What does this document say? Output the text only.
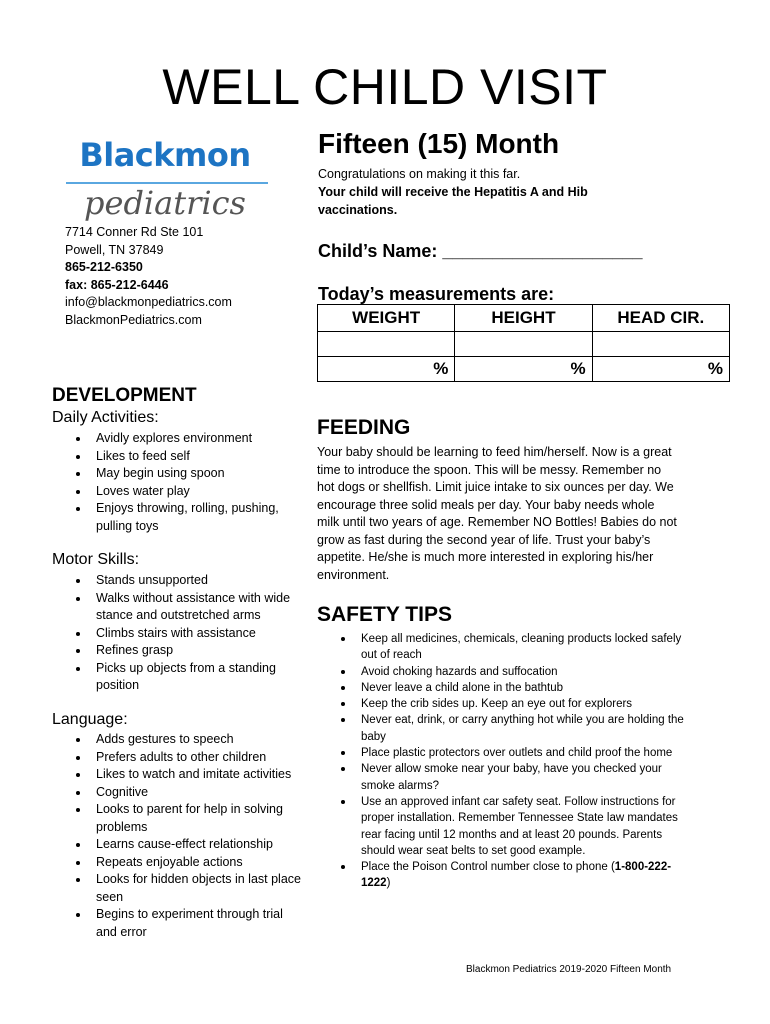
WELL CHILD VISIT
Blackmon
pediatrics
7714 Conner Rd Ste 101
Powell, TN 37849
865-212-6350
fax: 865-212-6446
info@blackmonpediatrics.com
BlackmonPediatrics.com
Fifteen (15) Month
Congratulations on making it this far.
Your child will receive the Hepatitis A and Hib vaccinations.
Child’s Name: ____________________
Today’s measurements are:
WEIGHT	HEIGHT	HEAD CIR.

%	%	%
DEVELOPMENT
Daily Activities:
Avidly explores environment
Likes to feed self
May begin using spoon
Loves water play
Enjoys throwing, rolling, pushing, pulling toys
Motor Skills:
Stands unsupported
Walks without assistance with wide stance and outstretched arms
Climbs stairs with assistance
Refines grasp
Picks up objects from a standing position
Language:
Adds gestures to speech
Prefers adults to other children
Likes to watch and imitate activities
Cognitive
Looks to parent for help in solving problems
Learns cause-effect relationship
Repeats enjoyable actions
Looks for hidden objects in last place seen
Begins to experiment through trial and error
FEEDING
Your baby should be learning to feed him/herself. Now is a great time to introduce the spoon. This will be messy. Remember no hot dogs or shellfish. Limit juice intake to six ounces per day. We encourage three solid meals per day. Your baby needs whole milk until two years of age. Remember NO Bottles! Babies do not grow as fast during the second year of life. Trust your baby’s appetite. He/she is much more interested in exploring his/her environment.
SAFETY TIPS
Keep all medicines, chemicals, cleaning products locked safely out of reach
Avoid choking hazards and suffocation
Never leave a child alone in the bathtub
Keep the crib sides up. Keep an eye out for explorers
Never eat, drink, or carry anything hot while you are holding the baby
Place plastic protectors over outlets and child proof the home
Never allow smoke near your baby, have you checked your smoke alarms?
Use an approved infant car safety seat. Follow instructions for proper installation. Remember Tennessee State law mandates rear facing until 12 months and at least 20 pounds. Parents should wear seat belts to set good example.
Place the Poison Control number close to phone (1-800-222-1222)
Blackmon Pediatrics 2019-2020 Fifteen Month
